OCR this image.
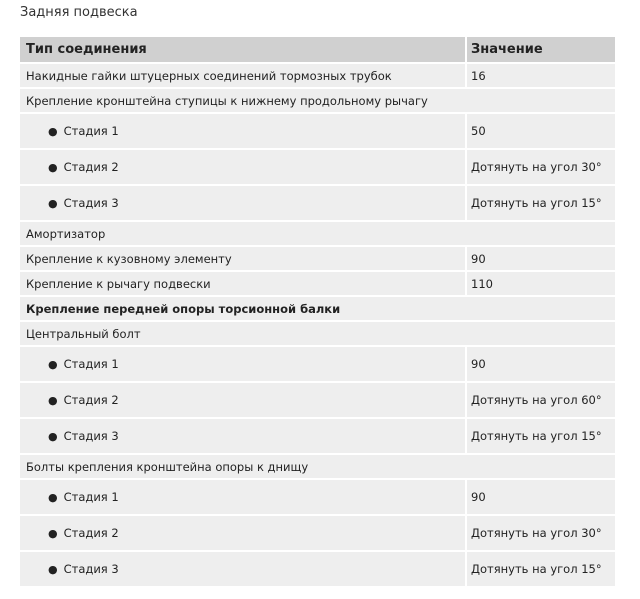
Задняя подвеска
Тип соединения	Значение
Накидные гайки штуцерных соединений тормозных трубок	16
Крепление кронштейна ступицы к нижнему продольному рычагу	
● Стадия 1	50
● Стадия 2	Дотянуть на угол 30°
● Стадия 3	Дотянуть на угол 15°
Амортизатор	
Крепление к кузовному элементу	90
Крепление к рычагу подвески	110
Крепление передней опоры торсионной балки	
Центральный болт	
● Стадия 1	90
● Стадия 2	Дотянуть на угол 60°
● Стадия 3	Дотянуть на угол 15°
Болты крепления кронштейна опоры к днищу	
● Стадия 1	90
● Стадия 2	Дотянуть на угол 30°
● Стадия 3	Дотянуть на угол 15°
